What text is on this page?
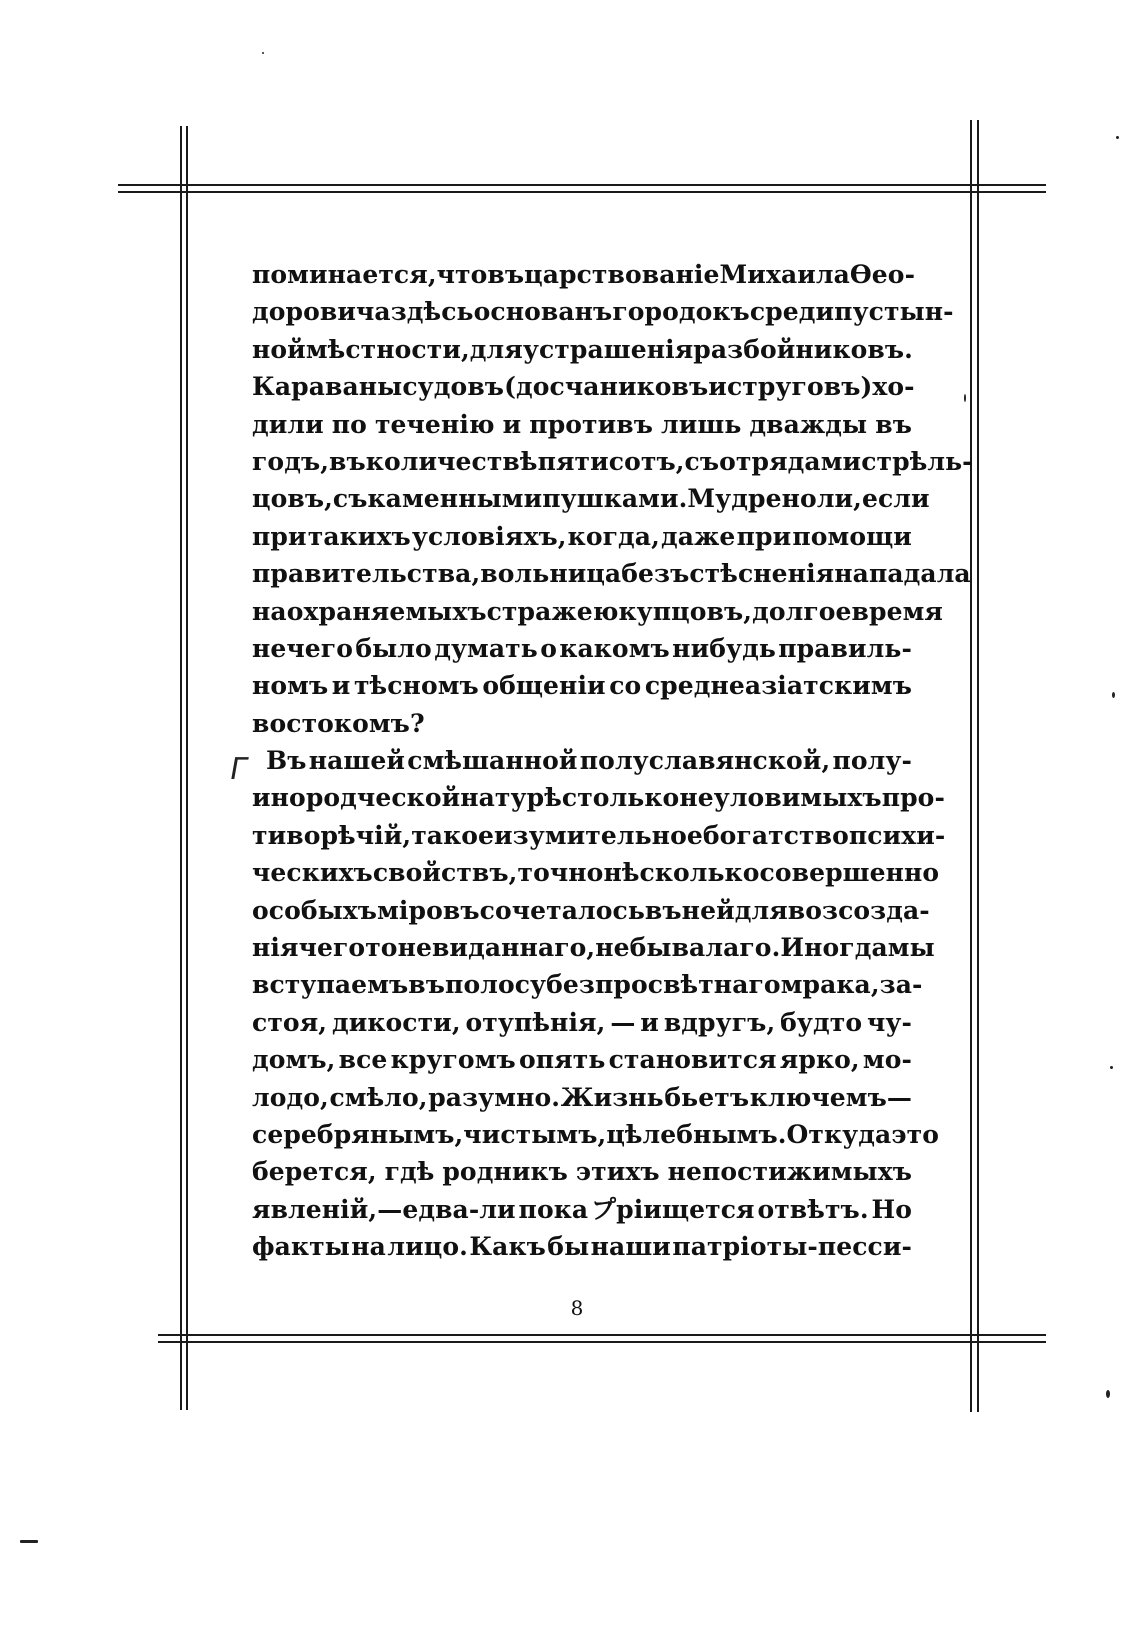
поминается, что въ царствованіе Михаила Ѳео-
доровича здѣсь основанъ городокъ среди пустын-
ной мѣстности, для устрашенія разбойниковъ.
Караваны судовъ (досчаниковъ и струговъ) хо-
дили по теченію и противъ лишь дважды въ
годъ, въ количествѣ пятисотъ, съ отрядами стрѣль-
цовъ, съ каменными пушками. Мудрено ли, если
при такихъ условіяхъ, когда, даже при помощи
правительства, вольница безъ стѣсненія нападала
на охраняемыхъ стражею купцовъ, долгое время
нечего было думать о какомъ нибудь правиль-
номъ и тѣсномъ общеніи со среднеазіатскимъ
востокомъ?
Въ нашей смѣшанной полуславянской, полу-
инородческой натурѣ столько неуловимыхъ про-
тиворѣчій, такое изумительное богатство психи-
ческихъ свойствъ, точно нѣсколько совершенно
особыхъ міровъ сочеталось въ ней для возсозда-
нія чего то невиданнаго, небывалаго. Иногда мы
вступаемъ въ полосу безпросвѣтнаго мрака, за-
стоя, дикости, отупѣнія, — и вдругъ, будто чу-
домъ, все кругомъ опять становится ярко, мо-
лодо, смѣло, разумно. Жизнь бьетъ ключемъ—
серебрянымъ, чистымъ, цѣлебнымъ. Откуда это
берется, гдѣ родникъ этихъ непостижимыхъ
явленій,—едва-ли пока プріищется отвѣтъ. Но
факты на лицо. Какъ бы наши патріоты-песси-
Г
8
